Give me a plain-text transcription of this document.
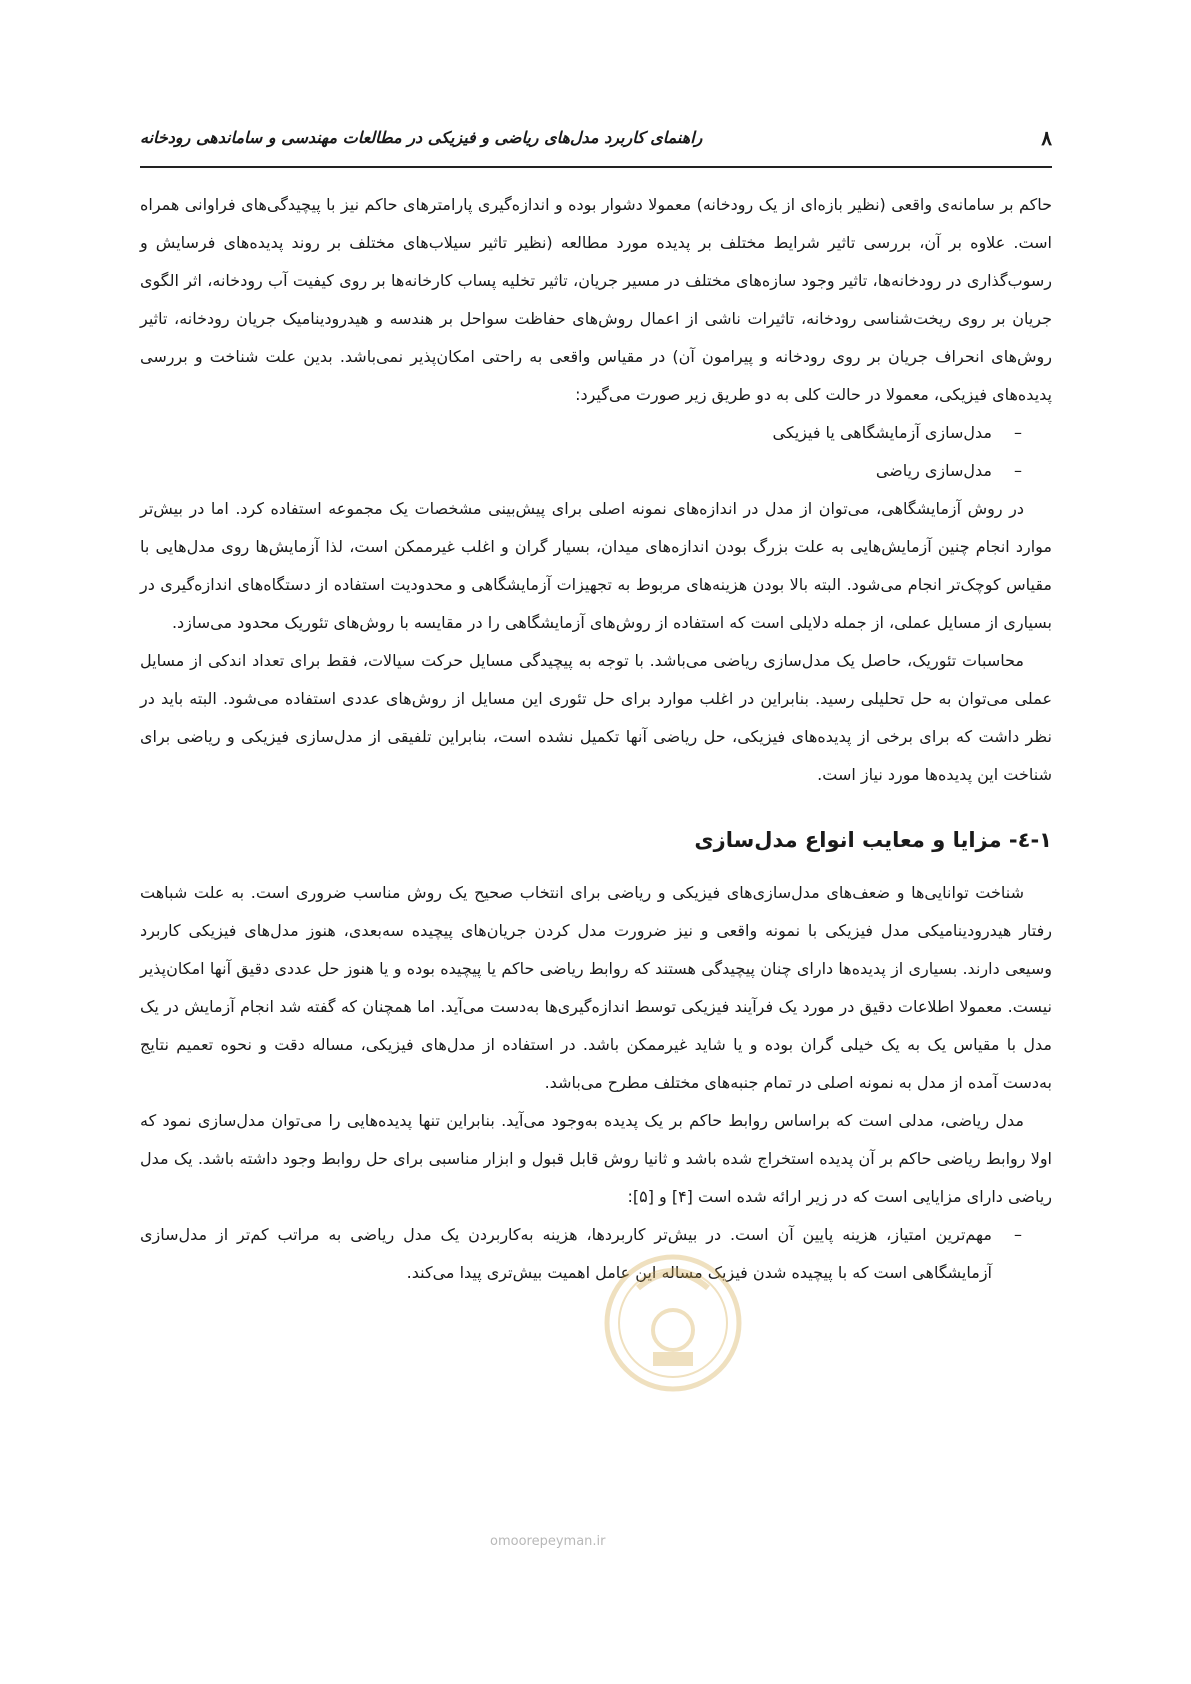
۸
راهنمای کاربرد مدل‌های ریاضی و فیزیکی در مطالعات مهندسی و ساماندهی رودخانه

حاکم بر سامانه‌ی واقعی (نظیر بازه‌ای از یک رودخانه) معمولا دشوار بوده و اندازه‌گیری پارامترهای حاکم نیز با پیچیدگی‌های فراوانی همراه است. علاوه بر آن، بررسی تاثیر شرایط مختلف بر پدیده مورد مطالعه (نظیر تاثیر سیلاب‌های مختلف بر روند پدیده‌های فرسایش و رسوب‌گذاری در رودخانه‌ها، تاثیر وجود سازه‌های مختلف در مسیر جریان، تاثیر تخلیه پساب کارخانه‌ها بر روی کیفیت آب رودخانه، اثر الگوی جریان بر روی ریخت‌شناسی رودخانه، تاثیرات ناشی از اعمال روش‌های حفاظت سواحل بر هندسه و هیدرودینامیک جریان رودخانه، تاثیر روش‌های انحراف جریان بر روی رودخانه و پیرامون آن) در مقیاس واقعی به راحتی امکان‌پذیر نمی‌باشد. بدین علت شناخت و بررسی پدیده‌های فیزیکی، معمولا در حالت کلی به دو طریق زیر صورت می‌گیرد:

–
مدل‌سازی آزمایشگاهی یا فیزیکی
–
مدل‌سازی ریاضی

در روش آزمایشگاهی، می‌توان از مدل در اندازه‌های نمونه اصلی برای پیش‌بینی مشخصات یک مجموعه استفاده کرد. اما در بیش‌تر موارد انجام چنین آزمایش‌هایی به علت بزرگ بودن اندازه‌های میدان، بسیار گران و اغلب غیرممکن است، لذا آزمایش‌ها روی مدل‌هایی با مقیاس کوچک‌تر انجام می‌شود. البته بالا بودن هزینه‌های مربوط به تجهیزات آزمایشگاهی و محدودیت استفاده از دستگاه‌های اندازه‌گیری در بسیاری از مسایل عملی، از جمله دلایلی است که استفاده از روش‌های آزمایشگاهی را در مقایسه با روش‌های تئوریک محدود می‌سازد.

محاسبات تئوریک، حاصل یک مدل‌سازی ریاضی می‌باشد. با توجه به پیچیدگی مسایل حرکت سیالات، فقط برای تعداد اندکی از مسایل عملی می‌توان به حل تحلیلی رسید. بنابراین در اغلب موارد برای حل تئوری این مسایل از روش‌های عددی استفاده می‌شود. البته باید در نظر داشت که برای برخی از پدیده‌های فیزیکی، حل ریاضی آنها تکمیل نشده است، بنابراین تلفیقی از مدل‌سازی فیزیکی و ریاضی برای شناخت این پدیده‌ها مورد نیاز است.

۱-٤- مزایا و معایب انواع مدل‌سازی

شناخت توانایی‌ها و ضعف‌های مدل‌سازی‌های فیزیکی و ریاضی برای انتخاب صحیح یک روش مناسب ضروری است. به علت شباهت رفتار هیدرودینامیکی مدل فیزیکی با نمونه واقعی و نیز ضرورت مدل کردن جریان‌های پیچیده سه‌بعدی، هنوز مدل‌های فیزیکی کاربرد وسیعی دارند. بسیاری از پدیده‌ها دارای چنان پیچیدگی هستند که روابط ریاضی حاکم یا پیچیده بوده و یا هنوز حل عددی دقیق آنها امکان‌پذیر نیست. معمولا اطلاعات دقیق در مورد یک فرآیند فیزیکی توسط اندازه‌گیری‌ها به‌دست می‌آید. اما همچنان که گفته شد انجام آزمایش در یک مدل با مقیاس یک به یک خیلی گران بوده و یا شاید غیرممکن باشد. در استفاده از مدل‌های فیزیکی، مساله دقت و نحوه تعمیم نتایج به‌دست آمده از مدل به نمونه اصلی در تمام جنبه‌های مختلف مطرح می‌باشد.

مدل ریاضی، مدلی است که براساس روابط حاکم بر یک پدیده به‌وجود می‌آید. بنابراین تنها پدیده‌هایی را می‌توان مدل‌سازی نمود که اولا روابط ریاضی حاکم بر آن پدیده استخراج شده باشد و ثانیا روش قابل قبول و ابزار مناسبی برای حل روابط وجود داشته باشد. یک مدل ریاضی دارای مزایایی است که در زیر ارائه شده است [۴] و [۵]:

–
مهم‌ترین امتیاز، هزینه پایین آن است. در بیش‌تر کاربردها، هزینه به‌کاربردن یک مدل ریاضی به مراتب کم‌تر از مدل‌سازی آزمایشگاهی است که با پیچیده شدن فیزیک مساله این عامل اهمیت بیش‌تری پیدا می‌کند.
omoorepeyman.ir
